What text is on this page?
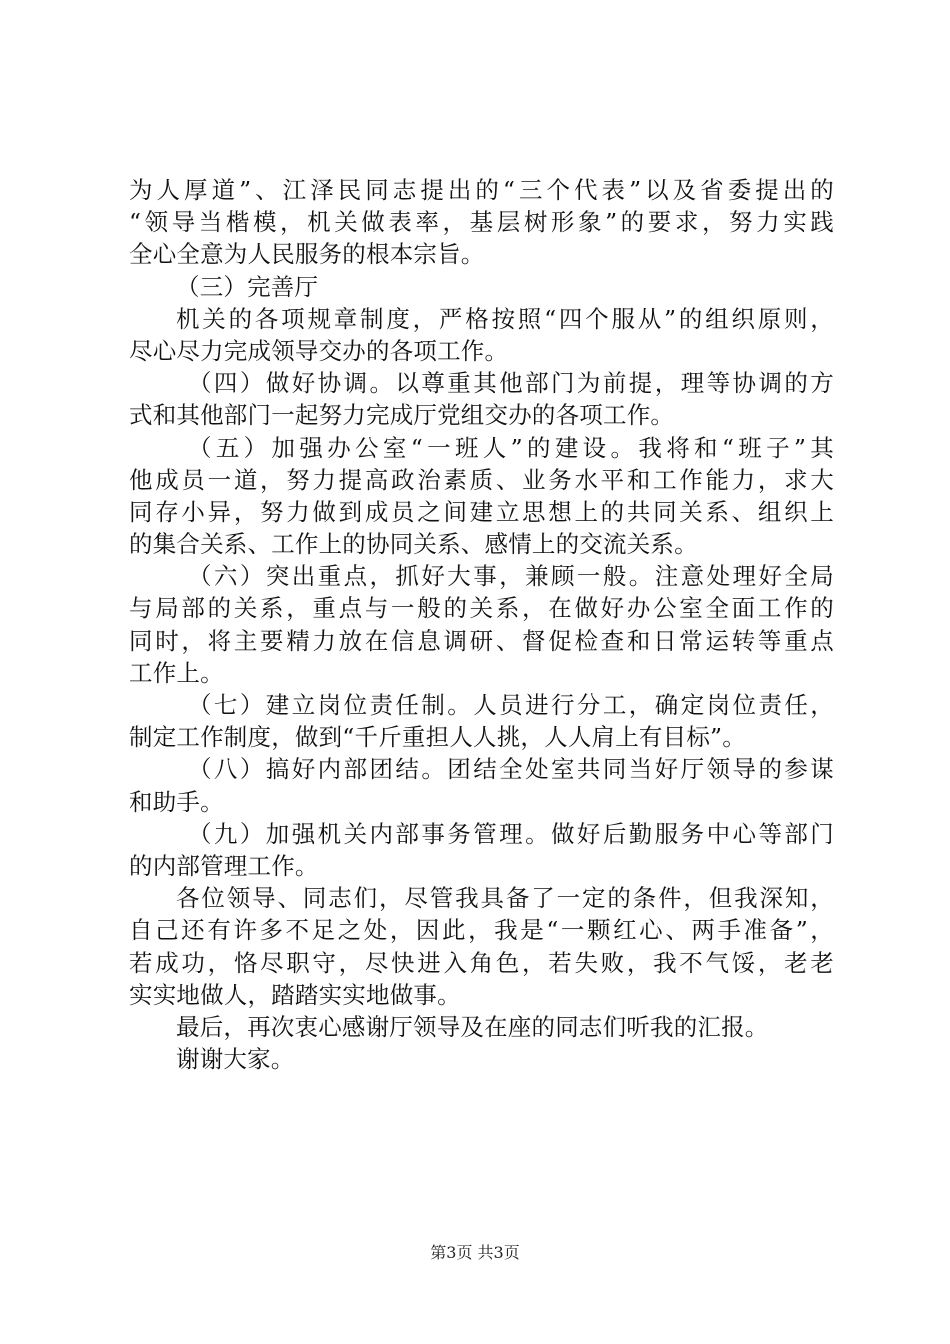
为人厚道”、江泽民同志提出的“三个代表”以及省委提出的
“领导当楷模，机关做表率，基层树形象”的要求，努力实践
全心全意为人民服务的根本宗旨。
（三）完善厅
机关的各项规章制度，严格按照“四个服从”的组织原则，
尽心尽力完成领导交办的各项工作。
（四）做好协调。以尊重其他部门为前提，理等协调的方
式和其他部门一起努力完成厅党组交办的各项工作。
（五）加强办公室“一班人”的建设。我将和“班子”其
他成员一道，努力提高政治素质、业务水平和工作能力，求大
同存小异，努力做到成员之间建立思想上的共同关系、组织上
的集合关系、工作上的协同关系、感情上的交流关系。
（六）突出重点，抓好大事，兼顾一般。注意处理好全局
与局部的关系，重点与一般的关系，在做好办公室全面工作的
同时，将主要精力放在信息调研、督促检查和日常运转等重点
工作上。
（七）建立岗位责任制。人员进行分工，确定岗位责任，
制定工作制度，做到“千斤重担人人挑，人人肩上有目标”。
（八）搞好内部团结。团结全处室共同当好厅领导的参谋
和助手。
（九）加强机关内部事务管理。做好后勤服务中心等部门
的内部管理工作。
各位领导、同志们，尽管我具备了一定的条件，但我深知，
自己还有许多不足之处，因此，我是“一颗红心、两手准备”，
若成功，恪尽职守，尽快进入角色，若失败，我不气馁，老老
实实地做人，踏踏实实地做事。
最后，再次衷心感谢厅领导及在座的同志们听我的汇报。
谢谢大家。
第3页 共3页
